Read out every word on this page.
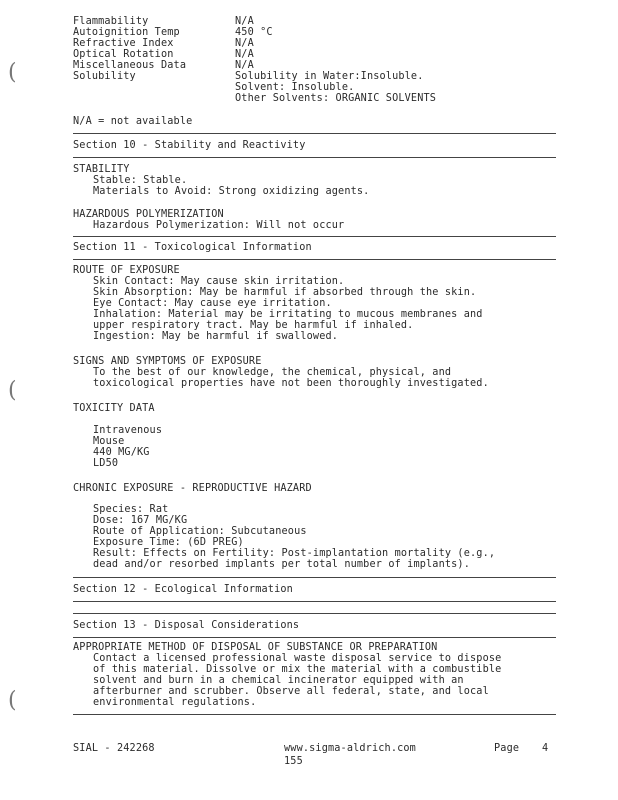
(
(
(
Flammability	N/A
Autoignition Temp	450 °C
Refractive Index	N/A
Optical Rotation	N/A
Miscellaneous Data	N/A
Solubility	Solubility in Water:Insoluble.
Solvent: Insoluble.
Other Solvents: ORGANIC SOLVENTS
N/A = not available
Section 10 - Stability and Reactivity
STABILITY
Stable: Stable.
Materials to Avoid: Strong oxidizing agents.
HAZARDOUS POLYMERIZATION
Hazardous Polymerization: Will not occur
Section 11 - Toxicological Information
ROUTE OF EXPOSURE
Skin Contact: May cause skin irritation.
Skin Absorption: May be harmful if absorbed through the skin.
Eye Contact: May cause eye irritation.
Inhalation: Material may be irritating to mucous membranes and
upper respiratory tract. May be harmful if inhaled.
Ingestion: May be harmful if swallowed.
SIGNS AND SYMPTOMS OF EXPOSURE
To the best of our knowledge, the chemical, physical, and
toxicological properties have not been thoroughly investigated.
TOXICITY DATA
Intravenous
Mouse
440 MG/KG
LD50
CHRONIC EXPOSURE - REPRODUCTIVE HAZARD
Species: Rat
Dose: 167 MG/KG
Route of Application: Subcutaneous
Exposure Time: (6D PREG)
Result: Effects on Fertility: Post-implantation mortality (e.g.,
dead and/or resorbed implants per total number of implants).
Section 12 - Ecological Information
Section 13 - Disposal Considerations
APPROPRIATE METHOD OF DISPOSAL OF SUBSTANCE OR PREPARATION
Contact a licensed professional waste disposal service to dispose
of this material. Dissolve or mix the material with a combustible
solvent and burn in a chemical incinerator equipped with an
afterburner and scrubber. Observe all federal, state, and local
environmental regulations.
SIAL - 242268	www.sigma-aldrich.com	Page 4
155
